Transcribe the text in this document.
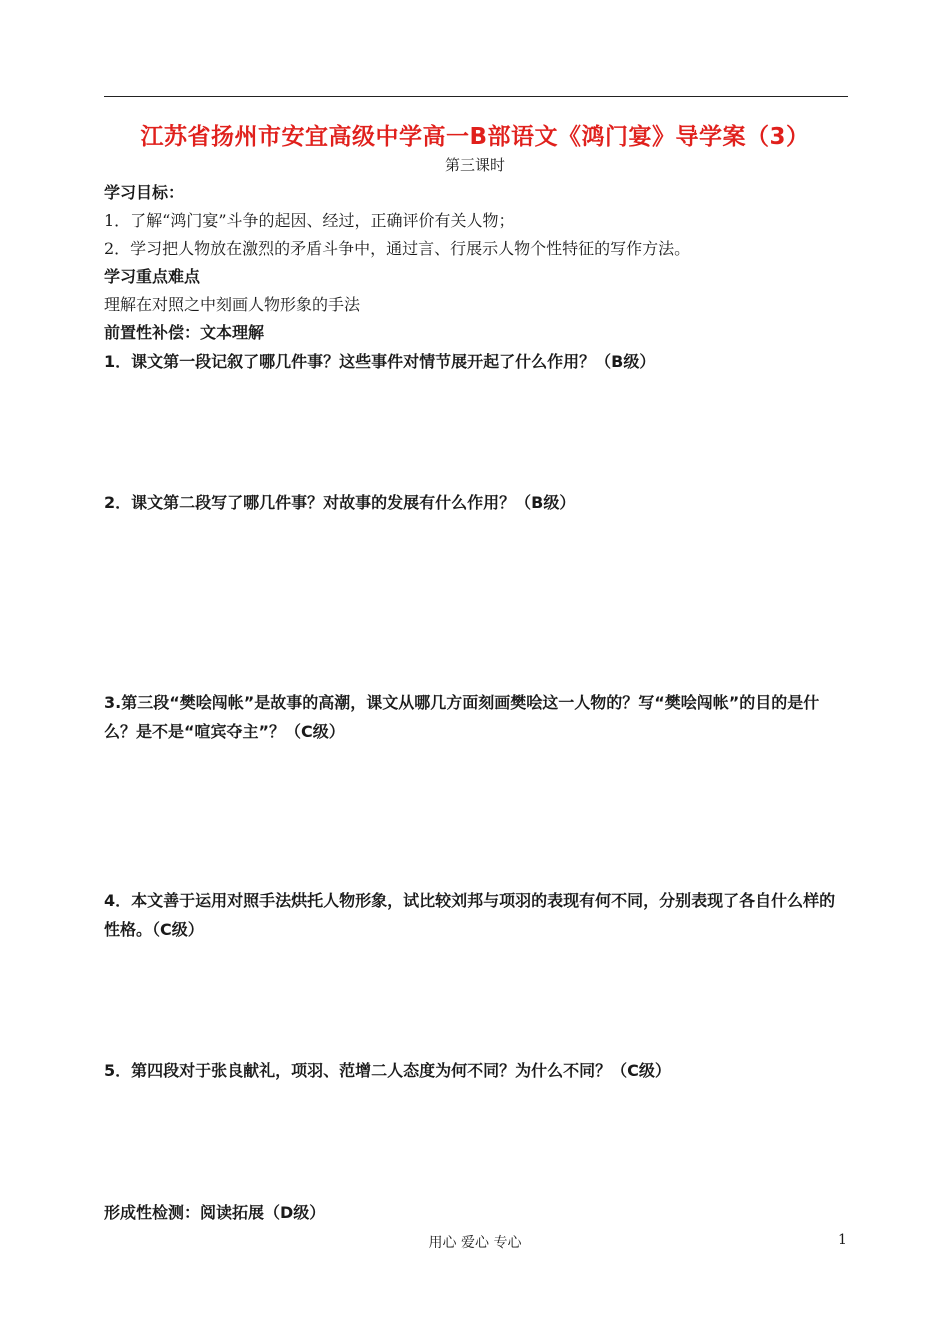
江苏省扬州市安宜高级中学高一B部语文《鸿门宴》导学案（3）
第三课时
学习目标：
1．了解“鸿门宴”斗争的起因、经过，正确评价有关人物；
2．学习把人物放在激烈的矛盾斗争中，通过言、行展示人物个性特征的写作方法。
学习重点难点
理解在对照之中刻画人物形象的手法
前置性补偿：文本理解
1．课文第一段记叙了哪几件事？这些事件对情节展开起了什么作用？（B级）
2．课文第二段写了哪几件事？对故事的发展有什么作用？（B级）
3.第三段“樊哙闯帐”是故事的高潮，课文从哪几方面刻画樊哙这一人物的？写“樊哙闯帐”的目的是什么？是不是“喧宾夺主”？（C级）
4．本文善于运用对照手法烘托人物形象，试比较刘邦与项羽的表现有何不同，分别表现了各自什么样的性格。（C级）
5．第四段对于张良献礼，项羽、范增二人态度为何不同？为什么不同？（C级）
形成性检测：阅读拓展（D级）
用心 爱心 专心	1
